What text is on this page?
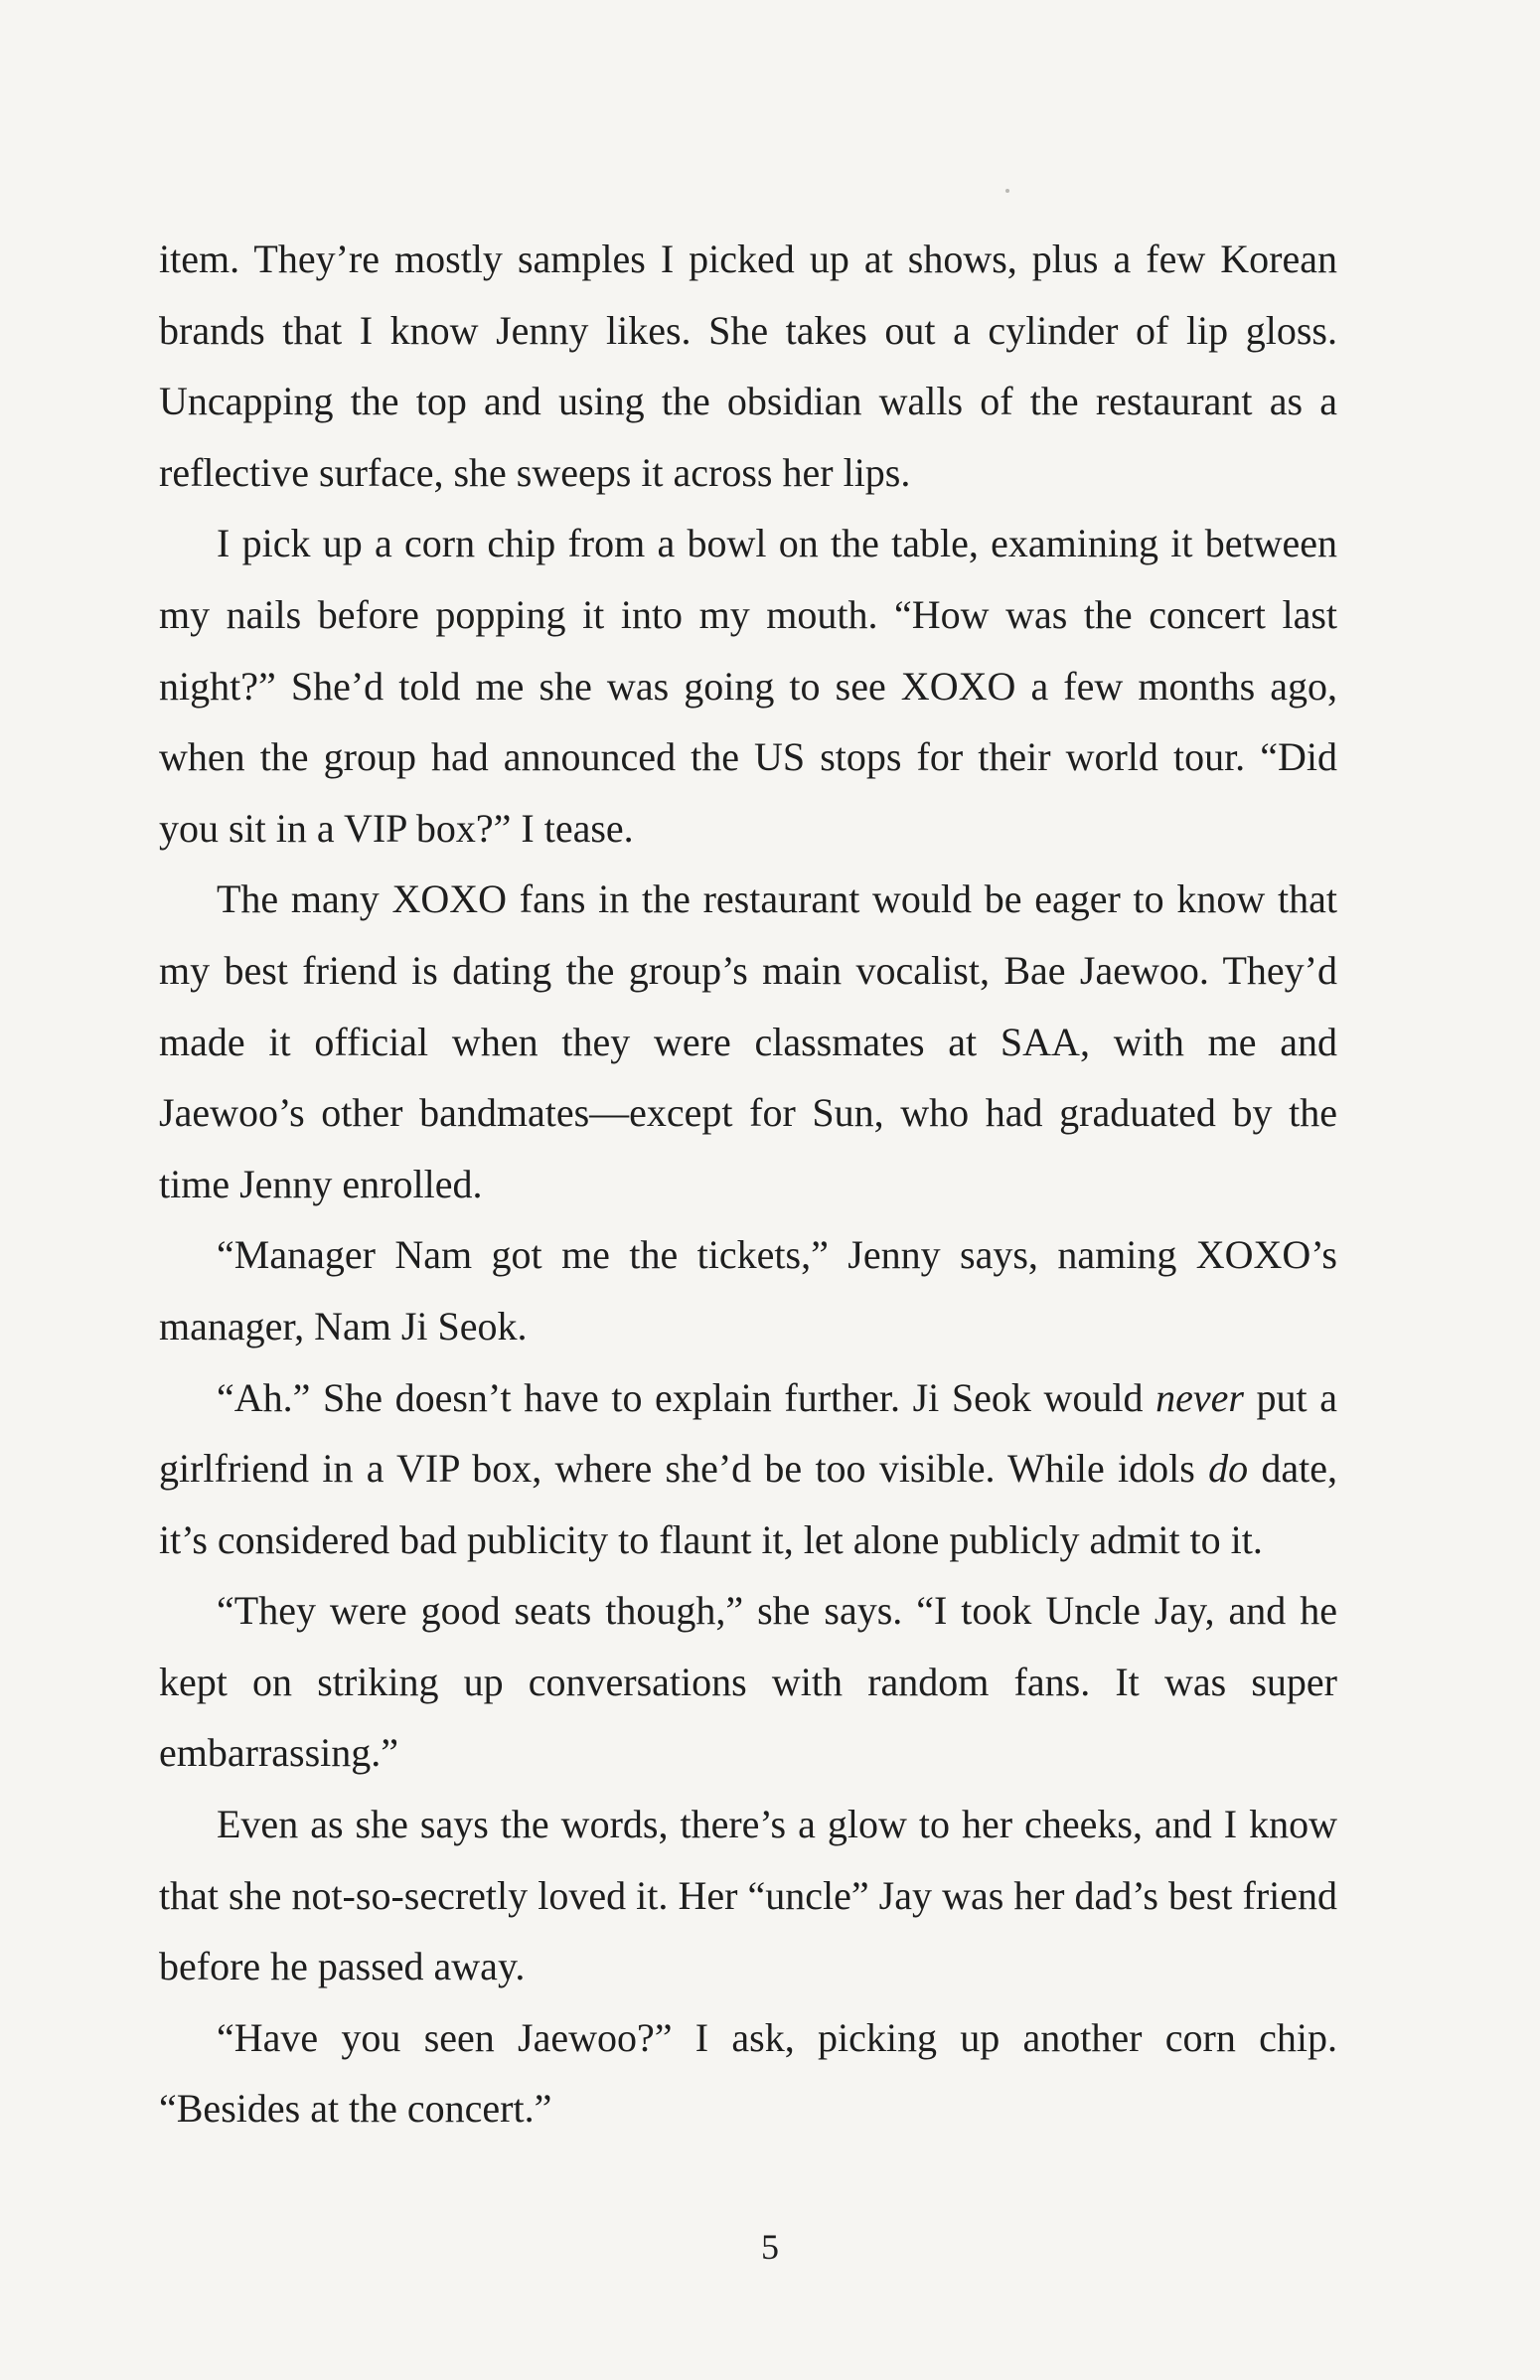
item. They’re mostly samples I picked up at shows, plus a few Korean brands that I know Jenny likes. She takes out a cylinder of lip gloss. Uncapping the top and using the obsidian walls of the restaurant as a reflective surface, she sweeps it across her lips.

I pick up a corn chip from a bowl on the table, examining it between my nails before popping it into my mouth. “How was the concert last night?” She’d told me she was going to see XOXO a few months ago, when the group had announced the US stops for their world tour. “Did you sit in a VIP box?” I tease.

The many XOXO fans in the restaurant would be eager to know that my best friend is dating the group’s main vocalist, Bae Jaewoo. They’d made it official when they were classmates at SAA, with me and Jaewoo’s other bandmates—except for Sun, who had graduated by the time Jenny enrolled.

“Manager Nam got me the tickets,” Jenny says, naming XOXO’s manager, Nam Ji Seok.

“Ah.” She doesn’t have to explain further. Ji Seok would never put a girlfriend in a VIP box, where she’d be too visible. While idols do date, it’s considered bad publicity to flaunt it, let alone publicly admit to it.

“They were good seats though,” she says. “I took Uncle Jay, and he kept on striking up conversations with random fans. It was super embarrassing.”

Even as she says the words, there’s a glow to her cheeks, and I know that she not-so-secretly loved it. Her “uncle” Jay was her dad’s best friend before he passed away.

“Have you seen Jaewoo?” I ask, picking up another corn chip. “Besides at the concert.”

5
